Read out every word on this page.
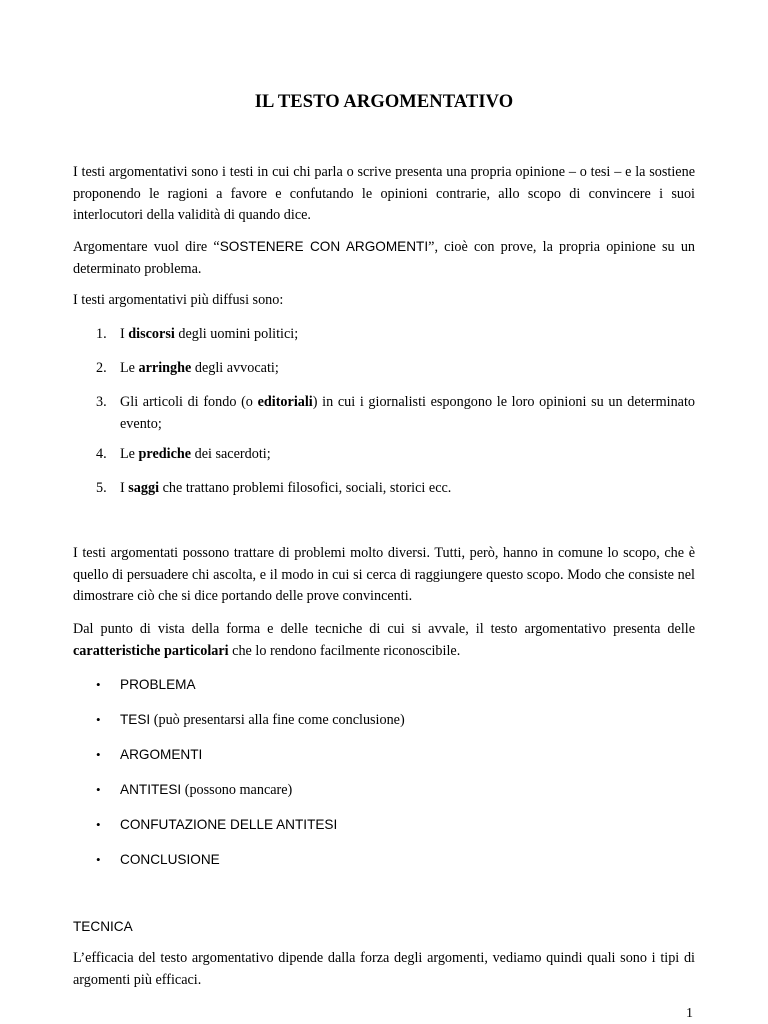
IL TESTO ARGOMENTATIVO

I testi argomentativi sono i testi in cui chi parla o scrive presenta una propria opinione – o tesi – e la sostiene proponendo le ragioni a favore e confutando le opinioni contrarie, allo scopo di convincere i suoi interlocutori della validità di quando dice.

Argomentare vuol dire “SOSTENERE CON ARGOMENTI”, cioè con prove, la propria opinione su un determinato problema.

I testi argomentativi più diffusi sono:

1. I discorsi degli uomini politici;

2. Le arringhe degli avvocati;

3. Gli articoli di fondo (o editoriali) in cui i giornalisti espongono le loro opinioni su un determinato evento;

4. Le prediche dei sacerdoti;

5. I saggi che trattano problemi filosofici, sociali, storici ecc.

I testi argomentati possono trattare di problemi molto diversi. Tutti, però, hanno in comune lo scopo, che è quello di persuadere chi ascolta, e il modo in cui si cerca di raggiungere questo scopo. Modo che consiste nel dimostrare ciò che si dice portando delle prove convincenti.

Dal punto di vista della forma e delle tecniche di cui si avvale, il testo argomentativo presenta delle caratteristiche particolari che lo rendono facilmente riconoscibile.

• PROBLEMA

• TESI (può presentarsi alla fine come conclusione)

• ARGOMENTI

• ANTITESI (possono mancare)

• CONFUTAZIONE DELLE ANTITESI

• CONCLUSIONE

TECNICA

L’efficacia del testo argomentativo dipende dalla forza degli argomenti, vediamo quindi quali sono i tipi di argomenti più efficaci.

1
